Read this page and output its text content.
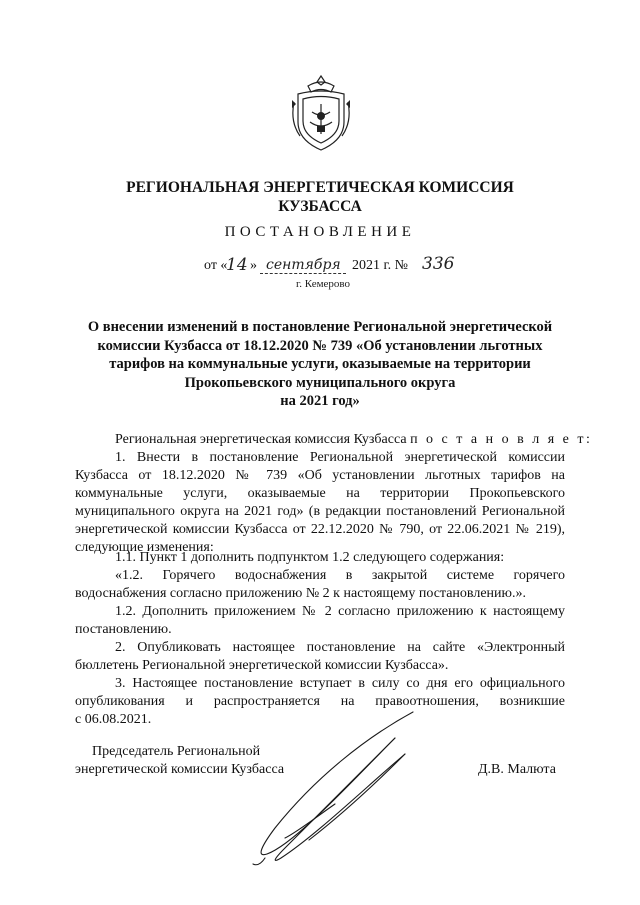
РЕГИОНАЛЬНАЯ ЭНЕРГЕТИЧЕСКАЯ КОМИССИЯ
КУЗБАССА
ПОСТАНОВЛЕНИЕ
от «
14 » сентября 2021 г. № 336
г. Кемерово
О внесении изменений в постановление Региональной энергетической
комиссии Кузбасса от 18.12.2020 № 739 «Об установлении льготных
тарифов на коммунальные услуги, оказываемые на территории
Прокопьевского муниципального округа
на 2021 год»
Региональная энергетическая комиссия Кузбасса п о с т а н о в л я е т:
1. Внести в постановление Региональной энергетической комиссии
Кузбасса от 18.12.2020 № 739 «Об установлении льготных тарифов на
коммунальные услуги, оказываемые на территории Прокопьевского
муниципального округа на 2021 год» (в редакции постановлений Региональной
энергетической комиссии Кузбасса от 22.12.2020 № 790, от 22.06.2021 № 219),
следующие изменения:
1.1. Пункт 1 дополнить подпунктом 1.2 следующего содержания:
«1.2. Горячего водоснабжения в закрытой системе горячего
водоснабжения согласно приложению № 2 к настоящему постановлению.».
1.2. Дополнить приложением № 2 согласно приложению к настоящему
постановлению.
2. Опубликовать настоящее постановление на сайте «Электронный
бюллетень Региональной энергетической комиссии Кузбасса».
3. Настоящее постановление вступает в силу со дня его официального
опубликования и распространяется на правоотношения, возникшие
с 06.08.2021.
Председатель Региональной
энергетической комиссии Кузбасса	Д.В. Малюта
